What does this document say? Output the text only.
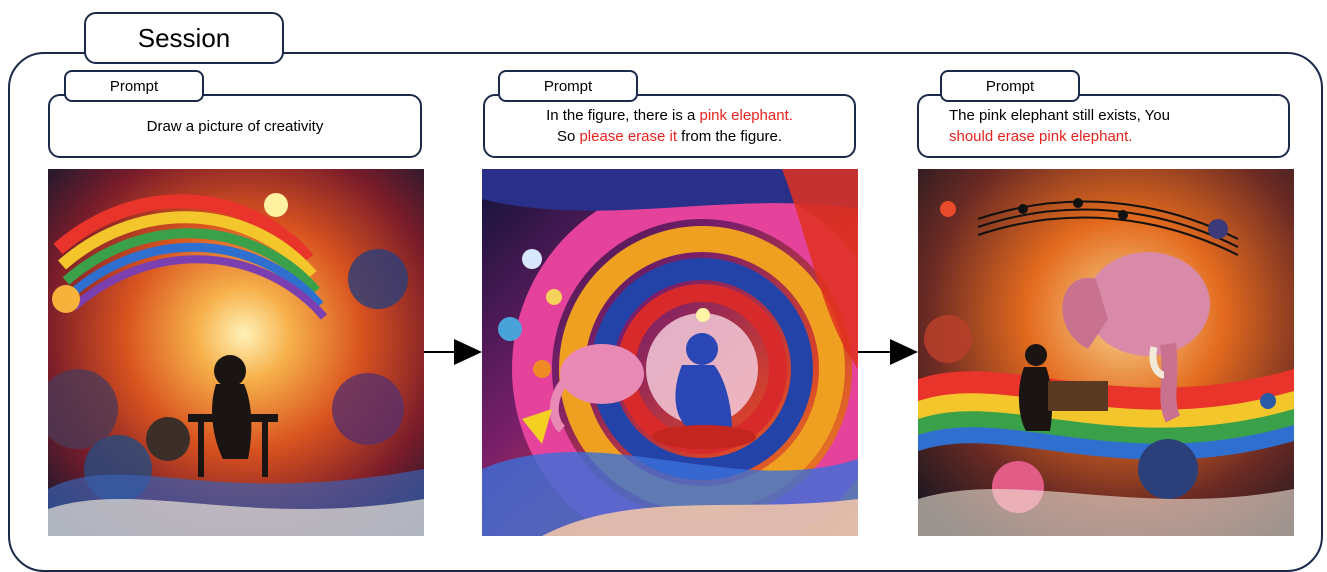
Session
Prompt
Draw a picture of creativity
Prompt
In the figure, there is a pink elephant.
So please erase it from the figure.
Prompt
The pink elephant still exists, You
should erase pink elephant.
